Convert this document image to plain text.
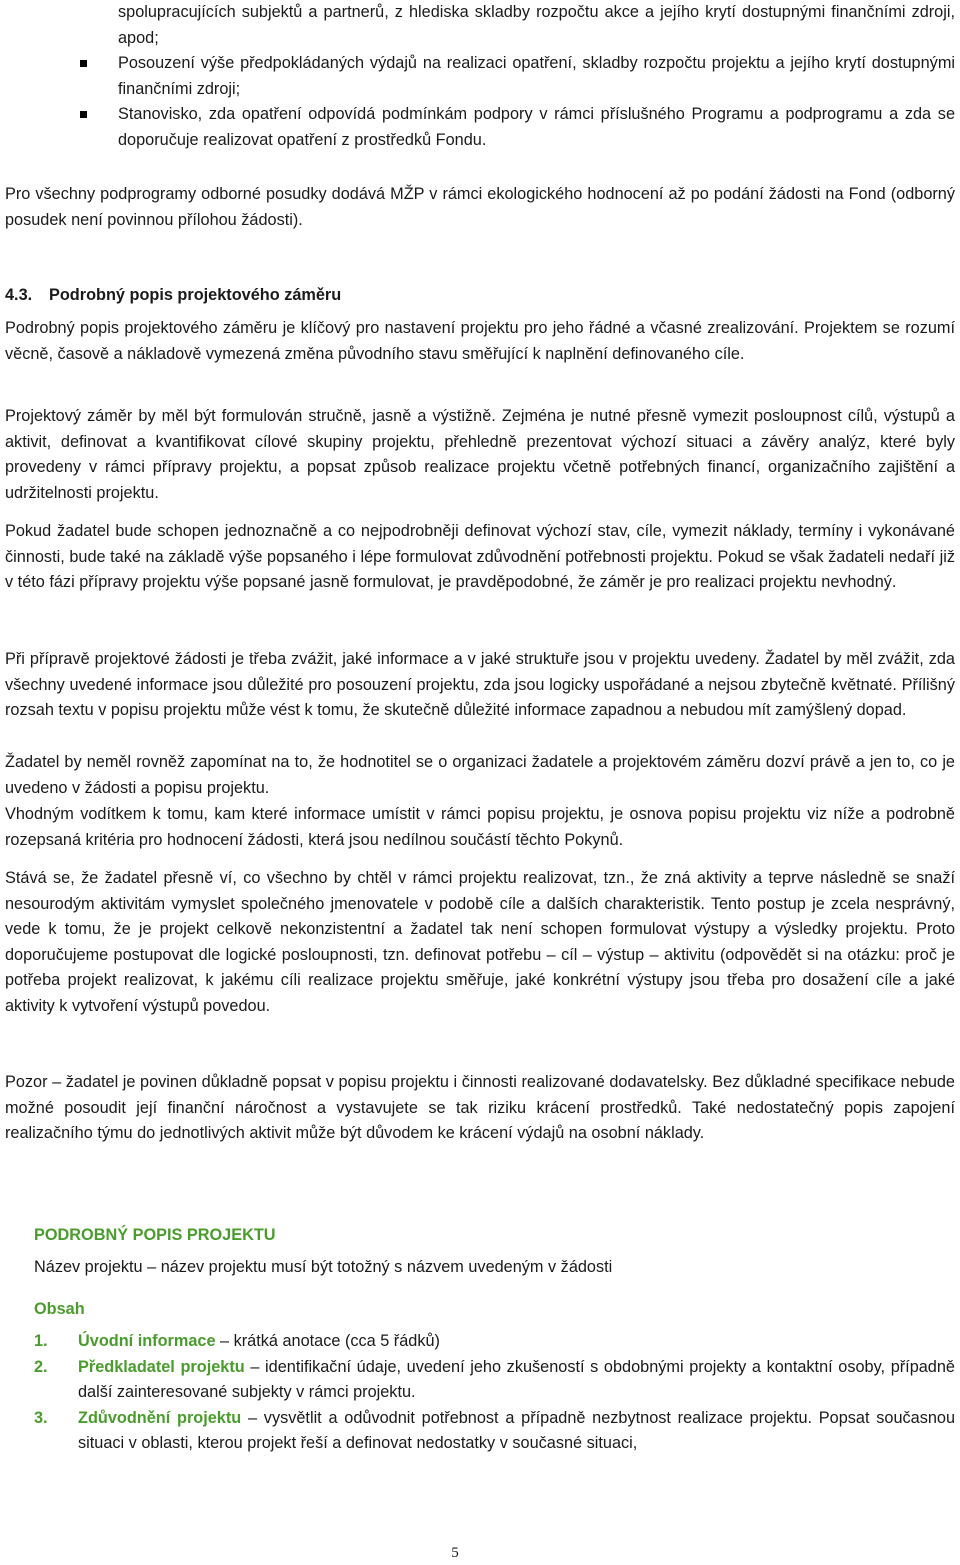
spolupracujících subjektů a partnerů, z hlediska skladby rozpočtu akce a jejího krytí dostupnými finančními zdroji, apod;
Posouzení výše předpokládaných výdajů na realizaci opatření, skladby rozpočtu projektu a jejího krytí dostupnými finančními zdroji;
Stanovisko, zda opatření odpovídá podmínkám podpory v rámci příslušného Programu a podprogramu a zda se doporučuje realizovat opatření z prostředků Fondu.

Pro všechny podprogramy odborné posudky dodává MŽP v rámci ekologického hodnocení až po podání žádosti na Fond (odborný posudek není povinnou přílohou žádosti).

4.3. Podrobný popis projektového záměru

Podrobný popis projektového záměru je klíčový pro nastavení projektu pro jeho řádné a včasné zrealizování. Projektem se rozumí věcně, časově a nákladově vymezená změna původního stavu směřující k naplnění definovaného cíle.

Projektový záměr by měl být formulován stručně, jasně a výstižně. Zejména je nutné přesně vymezit posloupnost cílů, výstupů a aktivit, definovat a kvantifikovat cílové skupiny projektu, přehledně prezentovat výchozí situaci a závěry analýz, které byly provedeny v rámci přípravy projektu, a popsat způsob realizace projektu včetně potřebných financí, organizačního zajištění a udržitelnosti projektu.

Pokud žadatel bude schopen jednoznačně a co nejpodrobněji definovat výchozí stav, cíle, vymezit náklady, termíny i vykonávané činnosti, bude také na základě výše popsaného i lépe formulovat zdůvodnění potřebnosti projektu. Pokud se však žadateli nedaří již v této fázi přípravy projektu výše popsané jasně formulovat, je pravděpodobné, že záměr je pro realizaci projektu nevhodný.

Při přípravě projektové žádosti je třeba zvážit, jaké informace a v jaké struktuře jsou v projektu uvedeny. Žadatel by měl zvážit, zda všechny uvedené informace jsou důležité pro posouzení projektu, zda jsou logicky uspořádané a nejsou zbytečně květnaté. Přílišný rozsah textu v popisu projektu může vést k tomu, že skutečně důležité informace zapadnou a nebudou mít zamýšlený dopad.

Žadatel by neměl rovněž zapomínat na to, že hodnotitel se o organizaci žadatele a projektovém záměru dozví právě a jen to, co je uvedeno v žádosti a popisu projektu.

Vhodným vodítkem k tomu, kam které informace umístit v rámci popisu projektu, je osnova popisu projektu viz níže a podrobně rozepsaná kritéria pro hodnocení žádosti, která jsou nedílnou součástí těchto Pokynů.

Stává se, že žadatel přesně ví, co všechno by chtěl v rámci projektu realizovat, tzn., že zná aktivity a teprve následně se snaží nesourodým aktivitám vymyslet společného jmenovatele v podobě cíle a dalších charakteristik. Tento postup je zcela nesprávný, vede k tomu, že je projekt celkově nekonzistentní a žadatel tak není schopen formulovat výstupy a výsledky projektu. Proto doporučujeme postupovat dle logické posloupnosti, tzn. definovat potřebu – cíl – výstup – aktivitu (odpovědět si na otázku: proč je potřeba projekt realizovat, k jakému cíli realizace projektu směřuje, jaké konkrétní výstupy jsou třeba pro dosažení cíle a jaké aktivity k vytvoření výstupů povedou.

Pozor – žadatel je povinen důkladně popsat v popisu projektu i činnosti realizované dodavatelsky. Bez důkladné specifikace nebude možné posoudit její finanční náročnost a vystavujete se tak riziku krácení prostředků. Také nedostatečný popis zapojení realizačního týmu do jednotlivých aktivit může být důvodem ke krácení výdajů na osobní náklady.

PODROBNÝ POPIS PROJEKTU
Název projektu – název projektu musí být totožný s názvem uvedeným v žádosti
Obsah
1. Úvodní informace – krátká anotace (cca 5 řádků)
2. Předkladatel projektu – identifikační údaje, uvedení jeho zkušeností s obdobnými projekty a kontaktní osoby, případně další zainteresované subjekty v rámci projektu.
3. Zdůvodnění projektu – vysvětlit a odůvodnit potřebnost a případně nezbytnost realizace projektu. Popsat současnou situaci v oblasti, kterou projekt řeší a definovat nedostatky v současné situaci,
5
